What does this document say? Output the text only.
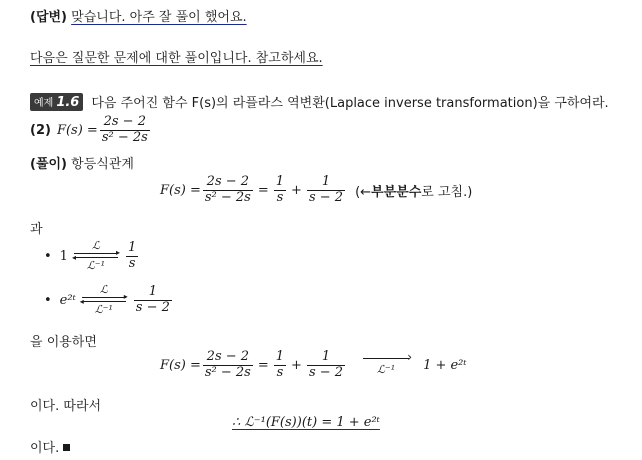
(답변) 맞습니다. 아주 잘 풀이 했어요.
다음은 질문한 문제에 대한 풀이입니다. 참고하세요.
예제 1.6 다음 주어진 함수 F(s)의 라플라스 역변환(Laplace inverse transformation)을 구하여라.
(2) $F(s) = \frac{2s - 2}{\text{s² − 2s}}$
(풀이) 항등식관계
$F(s) = \frac{2s - 2}{\text{s² − 2s}} = \frac{1}{s} + \frac{1}{s - 2}$ (←부분분수로 고침.)
과
• 1
ℒ
▸
◂
ℒ⁻¹ $\frac{1}{s}$
• e²ᵗ
ℒ
▸
◂
ℒ⁻¹ $\frac{1}{s - 2}$
을 이용하면
$F(s) = \frac{2s - 2}{\text{s² − 2s}} = \frac{1}{s} + \frac{1}{s - 2}$
›	ℒ⁻¹ 1 + e²ᵗ
이다. 따라서
∴ ℒ⁻¹(F(s))(t) = 1 + e²ᵗ
이다.
